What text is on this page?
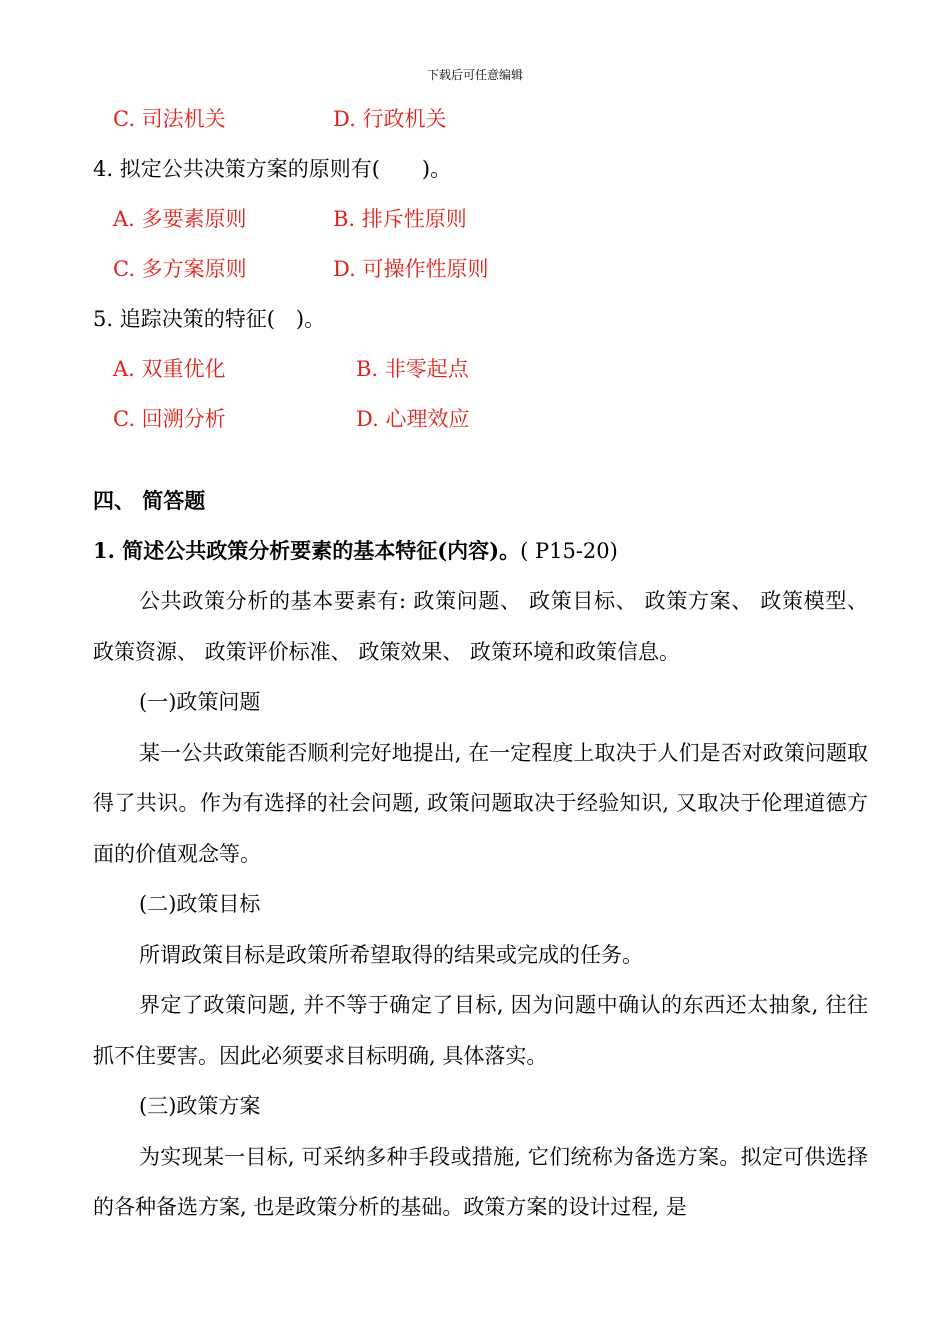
下载后可任意编辑
C. 司法机关	D. 行政机关
4. 拟定公共决策方案的原则有(　　)。
A. 多要素原则	B. 排斥性原则
C. 多方案原则	D. 可操作性原则
5. 追踪决策的特征(　)。
A. 双重优化	B. 非零起点
C. 回溯分析	D. 心理效应
四、 简答题
1. 简述公共政策分析要素的基本特征(内容)。( P15-20)

公共政策分析的基本要素有: 政策问题、 政策目标、 政策方案、 政策模型、 政策资源、 政策评价标准、 政策效果、 政策环境和政策信息。

(一)政策问题

某一公共政策能否顺利完好地提出, 在一定程度上取决于人们是否对政策问题取得了共识。作为有选择的社会问题, 政策问题取决于经验知识, 又取决于伦理道德方面的价值观念等。

(二)政策目标

所谓政策目标是政策所希望取得的结果或完成的任务。

界定了政策问题, 并不等于确定了目标, 因为问题中确认的东西还太抽象, 往往抓不住要害。因此必须要求目标明确, 具体落实。

(三)政策方案

为实现某一目标, 可采纳多种手段或措施, 它们统称为备选方案。拟定可供选择的各种备选方案, 也是政策分析的基础。政策方案的设计过程, 是
